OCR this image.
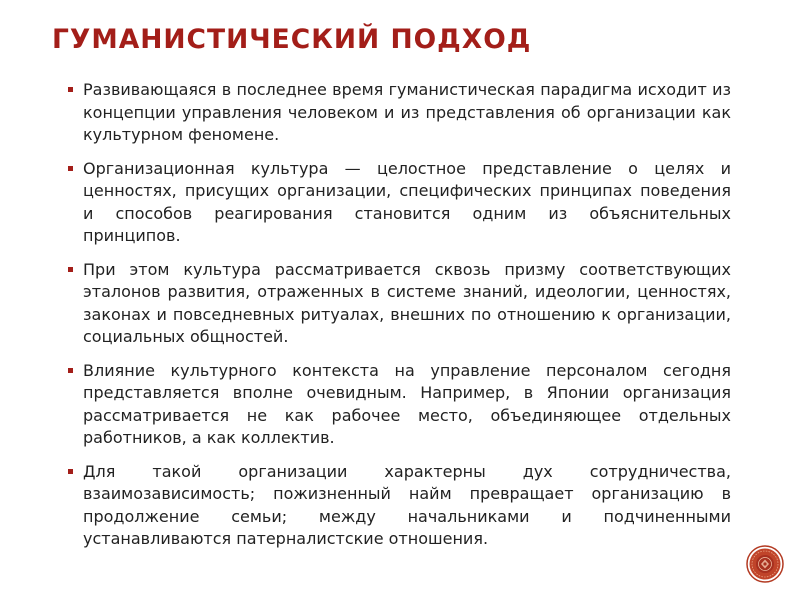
ГУМАНИСТИЧЕСКИЙ ПОДХОД
Развивающаяся в последнее время гуманистическая парадигма исходит из концепции управления человеком и из представления об организации как культурном феномене.
Организационная культура — целостное представление о целях и ценностях, присущих организации, специфических принципах поведения и способов реагирования становится одним из объяснительных принципов.
При этом культура рассматривается сквозь призму соответствующих эталонов развития, отраженных в системе знаний, идеологии, ценностях, законах и повседневных ритуалах, внешних по отношению к организации, социальных общностей.
Влияние культурного контекста на управление персоналом сегодня представляется вполне очевидным. Например, в Японии организация рассматривается не как рабочее место, объединяющее отдельных работников, а как коллектив.
Для такой организации характерны дух сотрудничества, взаимозависимость; пожизненный найм превращает организацию в продолжение семьи; между начальниками и подчиненными устанавливаются патерналистские отношения.
